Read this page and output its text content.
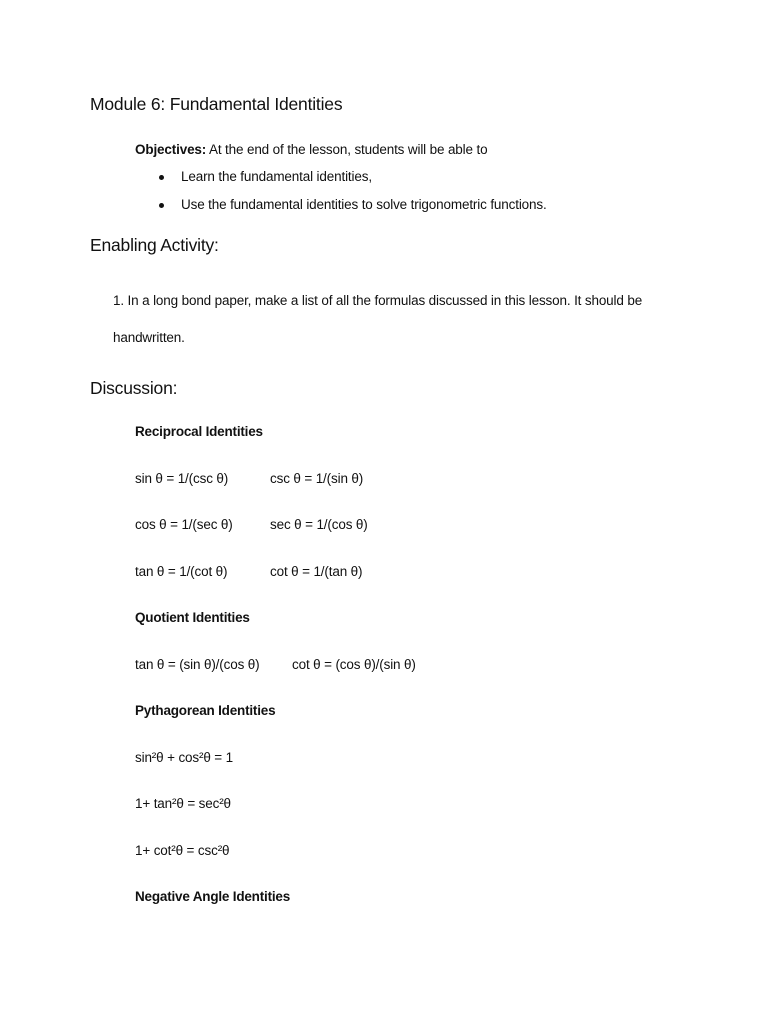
Module 6: Fundamental Identities
Objectives: At the end of the lesson, students will be able to
Learn the fundamental identities,
Use the fundamental identities to solve trigonometric functions.
Enabling Activity:
1. In a long bond paper, make a list of all the formulas discussed in this lesson. It should be
handwritten.
Discussion:
Reciprocal Identities
sin θ = 1/(csc θ)	csc θ = 1/(sin θ)
cos θ = 1/(sec θ)	sec θ = 1/(cos θ)
tan θ = 1/(cot θ)	cot θ = 1/(tan θ)
Quotient Identities
tan θ = (sin θ)/(cos θ) cot θ = (cos θ)/(sin θ)
Pythagorean Identities
sin²θ + cos²θ = 1
1+ tan²θ = sec²θ
1+ cot²θ = csc²θ
Negative Angle Identities
